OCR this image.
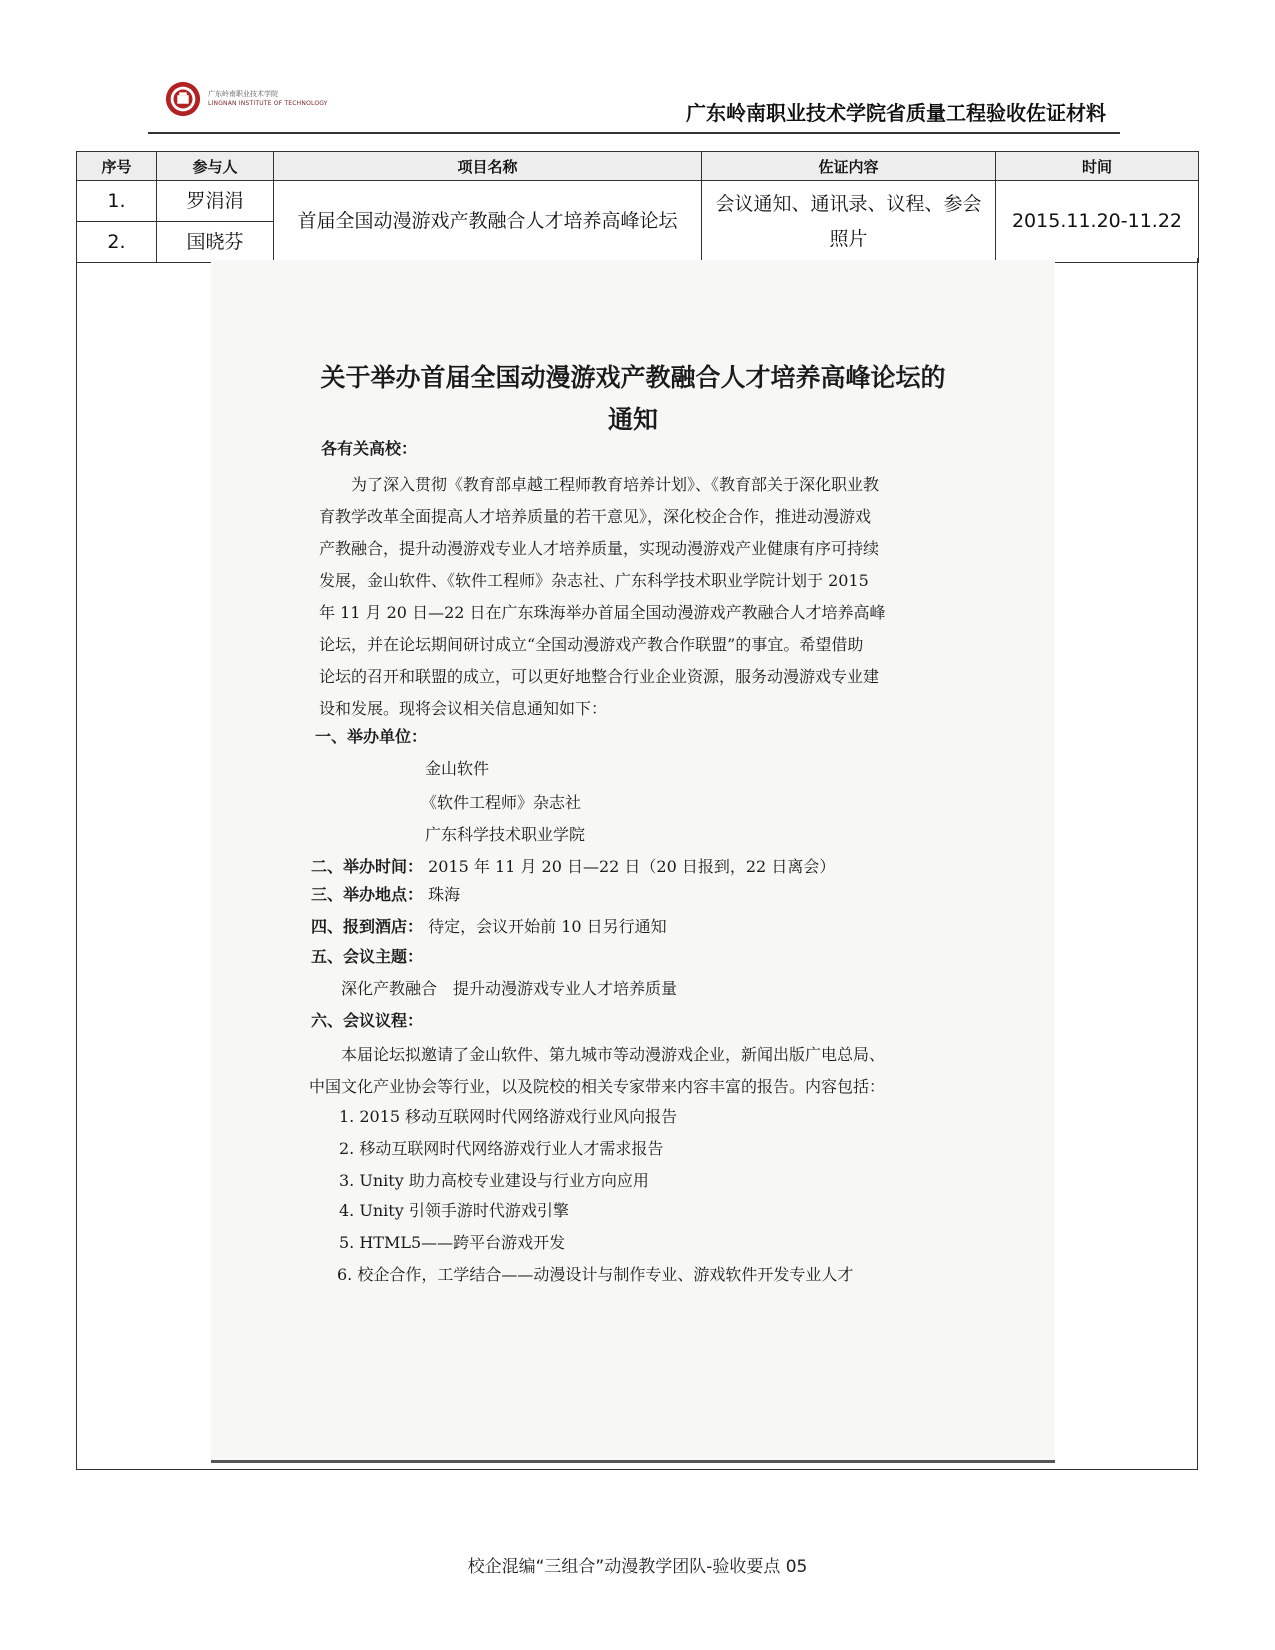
广东岭南职业技术学院
LINGNAN INSTITUTE OF TECHNOLOGY	广东岭南职业技术学院省质量工程验收佐证材料
序号	参与人	项目名称	佐证内容	时间
1.	罗涓涓	首届全国动漫游戏产教融合人才培养高峰论坛	会议通知、通讯录、议程、参会照片	2015.11.20-11.22

2.	国晓芬			
关于举办首届全国动漫游戏产教融合人才培养高峰论坛的
通知
各有关高校：
为了深入贯彻《教育部卓越工程师教育培养计划》、《教育部关于深化职业教
育教学改革全面提高人才培养质量的若干意见》，深化校企合作，推进动漫游戏
产教融合，提升动漫游戏专业人才培养质量，实现动漫游戏产业健康有序可持续
发展，金山软件、《软件工程师》杂志社、广东科学技术职业学院计划于 2015
年 11 月 20 日—22 日在广东珠海举办首届全国动漫游戏产教融合人才培养高峰
论坛，并在论坛期间研讨成立“全国动漫游戏产教合作联盟”的事宜。希望借助
论坛的召开和联盟的成立，可以更好地整合行业企业资源，服务动漫游戏专业建
设和发展。现将会议相关信息通知如下：
一、举办单位：
金山软件
《软件工程师》杂志社
广东科学技术职业学院
二、举办时间： 2015 年 11 月 20 日—22 日（20 日报到，22 日离会）
三、举办地点： 珠海
四、报到酒店： 待定，会议开始前 10 日另行通知
五、会议主题：
深化产教融合　提升动漫游戏专业人才培养质量
六、会议议程：
本届论坛拟邀请了金山软件、第九城市等动漫游戏企业，新闻出版广电总局、
中国文化产业协会等行业，以及院校的相关专家带来内容丰富的报告。内容包括：
1. 2015 移动互联网时代网络游戏行业风向报告
2. 移动互联网时代网络游戏行业人才需求报告
3. Unity 助力高校专业建设与行业方向应用
4. Unity 引领手游时代游戏引擎
5. HTML5——跨平台游戏开发
6. 校企合作，工学结合——动漫设计与制作专业、游戏软件开发专业人才
校企混编“三组合”动漫教学团队-验收要点 05
